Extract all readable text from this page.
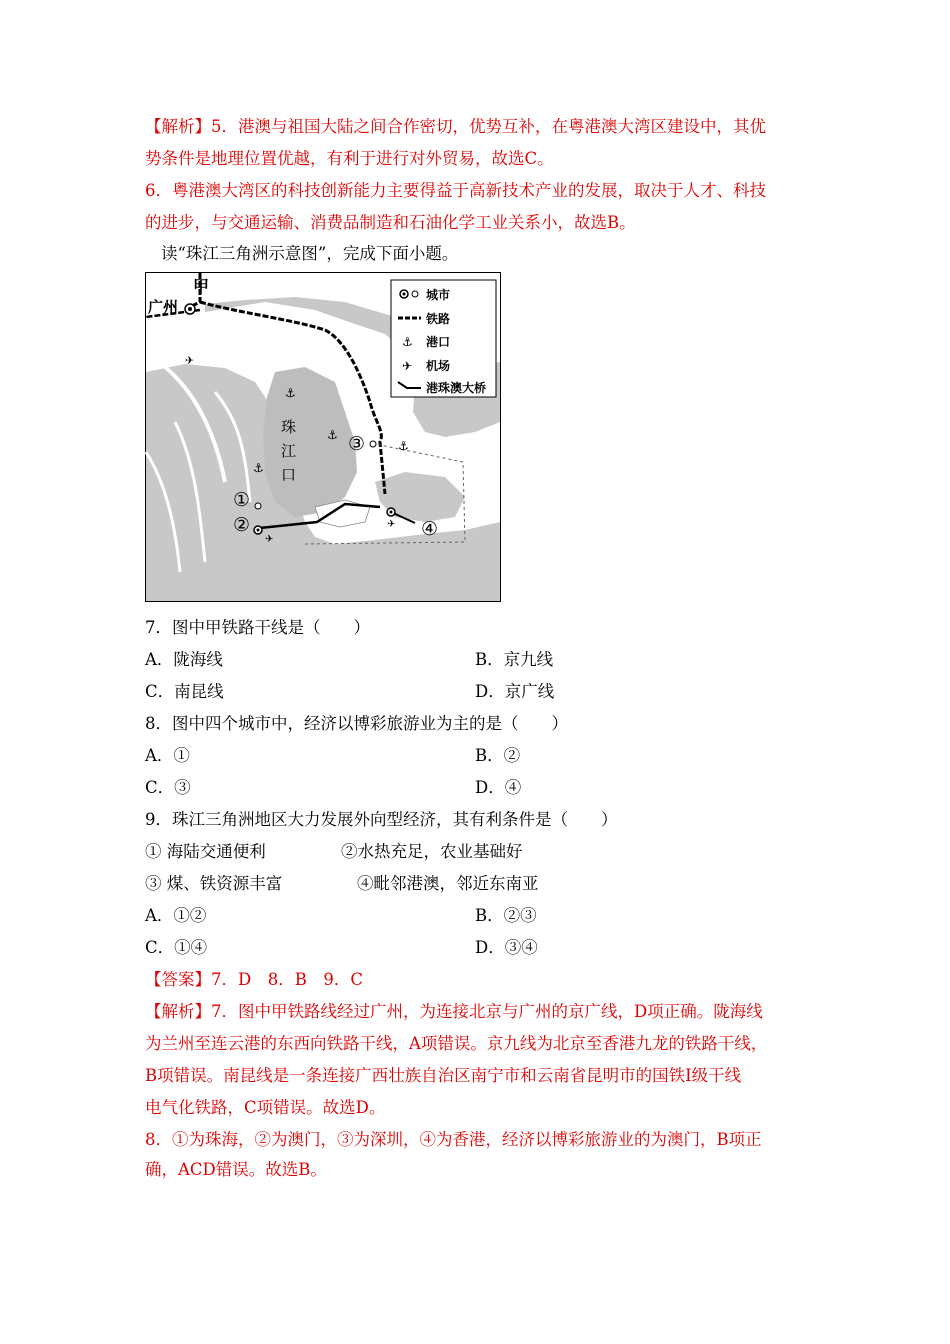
【解析】5．港澳与祖国大陆之间合作密切，优势互补，在粤港澳大湾区建设中，其优
势条件是地理位置优越，有利于进行对外贸易，故选C。
6．粤港澳大湾区的科技创新能力主要得益于高新技术产业的发展，取决于人才、科技
的进步，与交通运输、消费品制造和石油化学工业关系小，故选B。
读“珠江三角洲示意图”，完成下面小题。
⚓
⚓
⚓
⚓
✈
✈
✈
甲
广州
珠
江
口
①
②
③
④
城市
铁路
⚓ 港口
✈ 机场
港珠澳大桥
7．图中甲铁路干线是（　　）
A．陇海线	B．京九线
C．南昆线	D．京广线
8．图中四个城市中，经济以博彩旅游业为主的是（　　）
A．①	B．②
C．③	D．④
9．珠江三角洲地区大力发展外向型经济，其有利条件是（　　）
① 海陆交通便利	②水热充足，农业基础好
③ 煤、铁资源丰富	④毗邻港澳，邻近东南亚
A．①②	B．②③
C．①④	D．③④
【答案】7．D　8．B　9．C
【解析】7．图中甲铁路线经过广州，为连接北京与广州的京广线，D项正确。陇海线
为兰州至连云港的东西向铁路干线，A项错误。京九线为北京至香港九龙的铁路干线，
B项错误。南昆线是一条连接广西壮族自治区南宁市和云南省昆明市的国铁Ⅰ级干线
电气化铁路，C项错误。故选D。
8．①为珠海，②为澳门，③为深圳，④为香港，经济以博彩旅游业的为澳门，B项正
确，ACD错误。故选B。
